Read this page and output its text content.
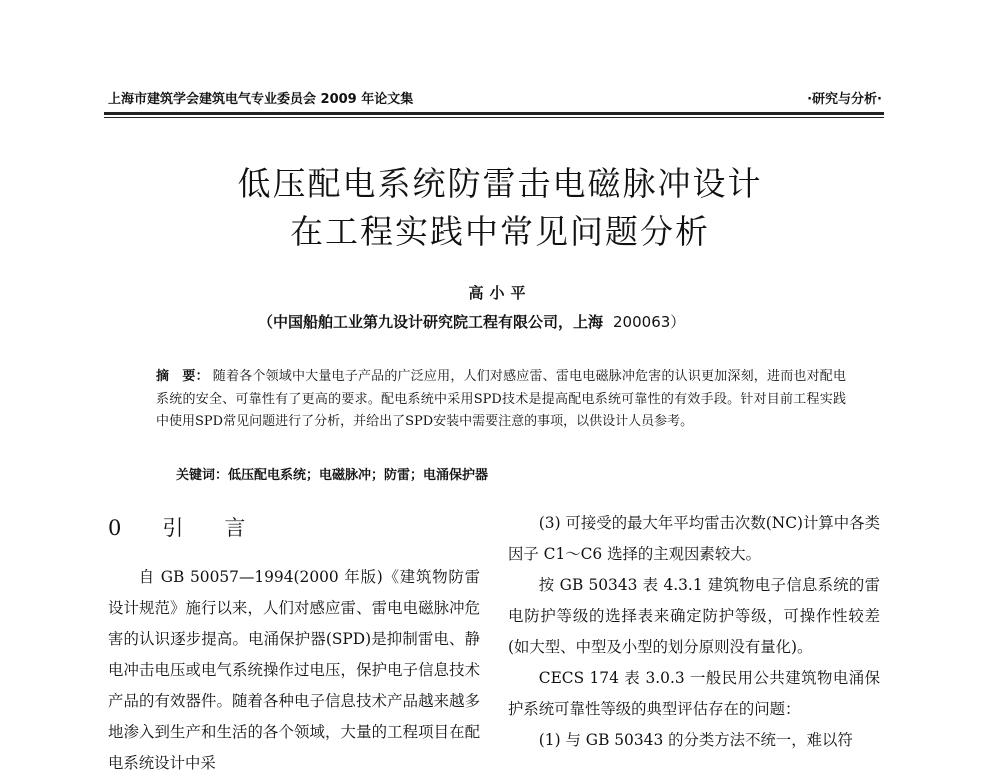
上海市建筑学会建筑电气专业委员会 2009 年论文集	·研究与分析·
低压配电系统防雷击电磁脉冲设计
在工程实践中常见问题分析
高小平
（中国船舶工业第九设计研究院工程有限公司，上海 200063）
摘　要： 随着各个领域中大量电子产品的广泛应用，人们对感应雷、雷电电磁脉冲危害的认识更加深刻，进而也对配电系统的安全、可靠性有了更高的要求。配电系统中采用SPD技术是提高配电系统可靠性的有效手段。针对目前工程实践中使用SPD常见问题进行了分析，并给出了SPD安装中需要注意的事项，以供设计人员参考。
关键词：低压配电系统；电磁脉冲；防雷；电涌保护器
0　引　言

自 GB 50057—1994(2000 年版)《建筑物防雷设计规范》施行以来，人们对感应雷、雷电电磁脉冲危害的认识逐步提高。电涌保护器(SPD)是抑制雷电、静电冲击电压或电气系统操作过电压，保护电子信息技术产品的有效器件。随着各种电子信息技术产品越来越多地渗入到生产和生活的各个领域，大量的工程项目在配电系统设计中采

(3) 可接受的最大年平均雷击次数(NC)计算中各类因子 C1～C6 选择的主观因素较大。

按 GB 50343 表 4.3.1 建筑物电子信息系统的雷电防护等级的选择表来确定防护等级，可操作性较差(如大型、中型及小型的划分原则没有量化)。

CECS 174 表 3.0.3 一般民用公共建筑物电涌保护系统可靠性等级的典型评估存在的问题：

(1) 与 GB 50343 的分类方法不统一，难以符
